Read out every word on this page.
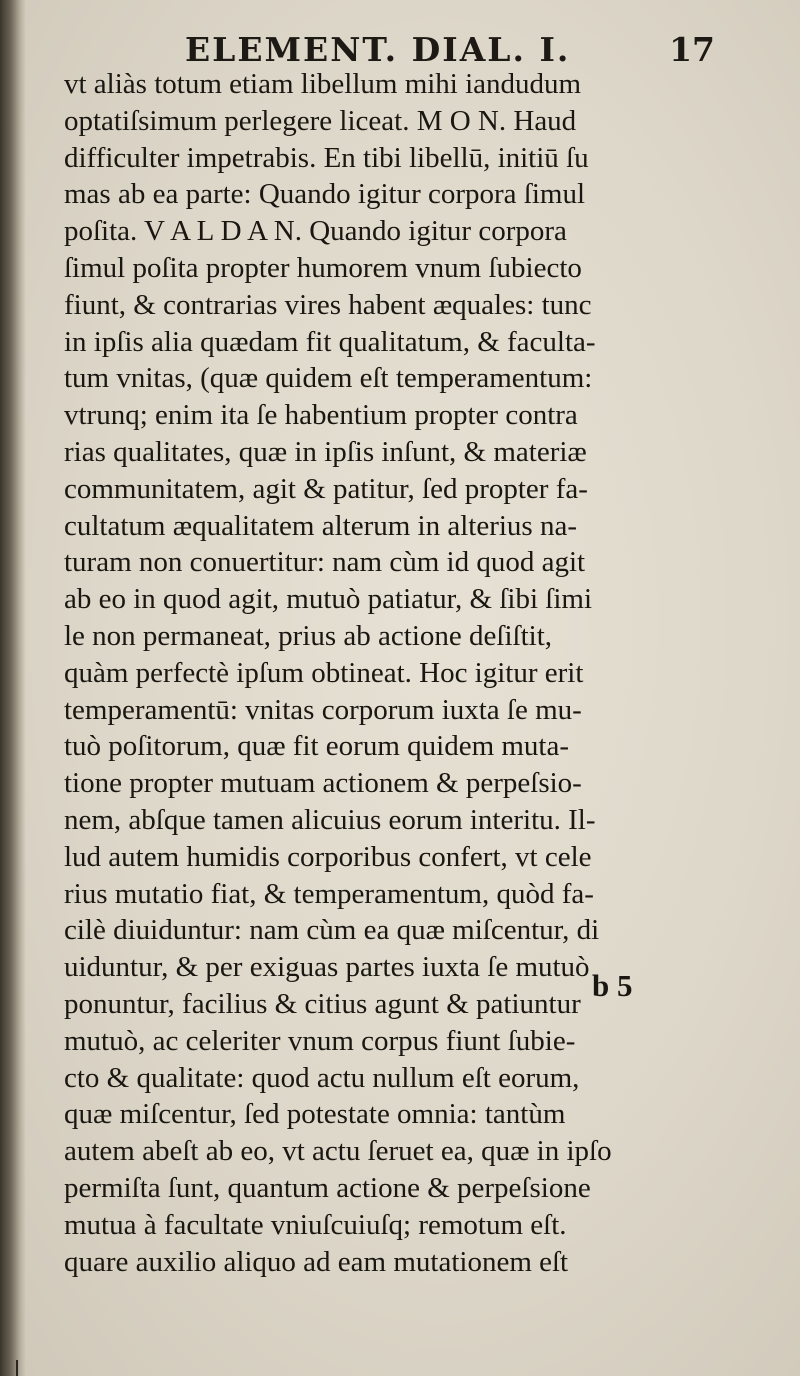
ELEMENT. DIAL. I.	17
vt aliàs totum etiam libellum mihi iandudum
optatiſsimum perlegere liceat. M O N. Haud
difficulter impetrabis. En tibi libellū, initiū ſu
mas ab ea parte: Quando igitur corpora ſimul
poſita. V A L D A N. Quando igitur corpora
ſimul poſita propter humorem vnum ſubiecto
fiunt, & contrarias vires habent æquales: tunc
in ipſis alia quædam fit qualitatum, & faculta-
tum vnitas, (quæ quidem eſt temperamentum:
vtrunq; enim ita ſe habentium propter contra
rias qualitates, quæ in ipſis inſunt, & materiæ
communitatem, agit & patitur, ſed propter fa-
cultatum æqualitatem alterum in alterius na-
turam non conuertitur: nam cùm id quod agit
ab eo in quod agit, mutuò patiatur, & ſibi ſimi
le non permaneat, prius ab actione deſiſtit,
quàm perfectè ipſum obtineat. Hoc igitur erit
temperamentū: vnitas corporum iuxta ſe mu-
tuò poſitorum, quæ fit eorum quidem muta-
tione propter mutuam actionem & perpeſsio-
nem, abſque tamen alicuius eorum interitu. Il-
lud autem humidis corporibus confert, vt cele
rius mutatio fiat, & temperamentum, quòd fa-
cilè diuiduntur: nam cùm ea quæ miſcentur, di
uiduntur, & per exiguas partes iuxta ſe mutuò
ponuntur, facilius & citius agunt & patiuntur
mutuò, ac celeriter vnum corpus fiunt ſubie-
cto & qualitate: quod actu nullum eſt eorum,
quæ miſcentur, ſed potestate omnia: tantùm
autem abeſt ab eo, vt actu ſeruet ea, quæ in ipſo
permiſta ſunt, quantum actione & perpeſsione
mutua à facultate vniuſcuiuſq; remotum eſt.
quare auxilio aliquo ad eam mutationem eſt
b 5
